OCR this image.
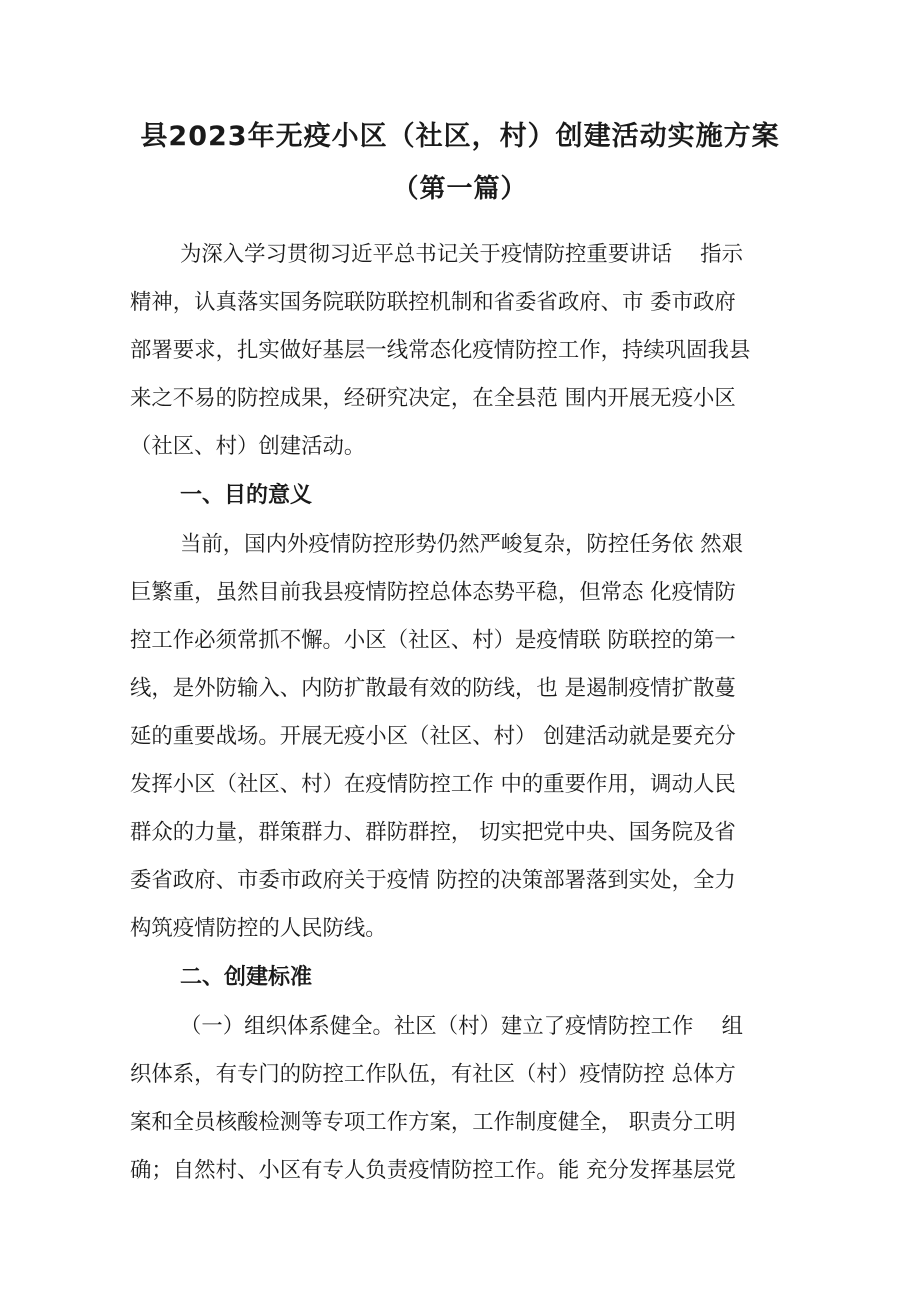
县2023年无疫小区（社区，村）创建活动实施方案
（第一篇）
为深入学习贯彻习近平总书记关于疫情防控重要讲话　 指示
精神，认真落实国务院联防联控机制和省委省政府、市 委市政府
部署要求，扎实做好基层一线常态化疫情防控工作，持续巩固我县
来之不易的防控成果，经研究决定，在全县范 围内开展无疫小区
（社区、村）创建活动。
一、目的意义
当前，国内外疫情防控形势仍然严峻复杂，防控任务依 然艰
巨繁重，虽然目前我县疫情防控总体态势平稳，但常态 化疫情防
控工作必须常抓不懈。小区（社区、村）是疫情联 防联控的第一
线，是外防输入、内防扩散最有效的防线，也 是遏制疫情扩散蔓
延的重要战场。开展无疫小区（社区、村） 创建活动就是要充分
发挥小区（社区、村）在疫情防控工作 中的重要作用，调动人民
群众的力量，群策群力、群防群控， 切实把党中央、国务院及省
委省政府、市委市政府关于疫情 防控的决策部署落到实处，全力
构筑疫情防控的人民防线。
二、创建标准
（一）组织体系健全。社区（村）建立了疫情防控工作　 组
织体系，有专门的防控工作队伍，有社区（村）疫情防控 总体方
案和全员核酸检测等专项工作方案，工作制度健全， 职责分工明
确；自然村、小区有专人负责疫情防控工作。能 充分发挥基层党
